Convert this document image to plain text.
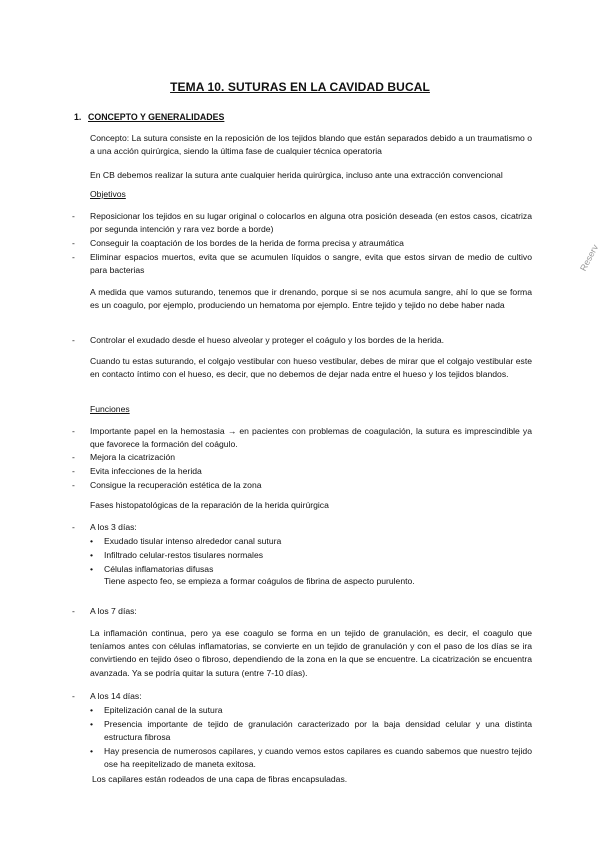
TEMA 10. SUTURAS EN LA CAVIDAD BUCAL
1. CONCEPTO Y GENERALIDADES
Concepto: La sutura consiste en la reposición de los tejidos blando que están separados debido a un traumatismo o a una acción quirúrgica, siendo la última fase de cualquier técnica operatoria
En CB debemos realizar la sutura ante cualquier herida quirúrgica, incluso ante una extracción convencional
Objetivos
- Reposicionar los tejidos en su lugar original o colocarlos en alguna otra posición deseada (en estos casos, cicatriza por segunda intención y rara vez borde a borde)
- Conseguir la coaptación de los bordes de la herida de forma precisa y atraumática
- Eliminar espacios muertos, evita que se acumulen líquidos o sangre, evita que estos sirvan de medio de cultivo para bacterias
A medida que vamos suturando, tenemos que ir drenando, porque si se nos acumula sangre, ahí lo que se forma es un coagulo, por ejemplo, produciendo un hematoma por ejemplo. Entre tejido y tejido no debe haber nada
- Controlar el exudado desde el hueso alveolar y proteger el coágulo y los bordes de la herida.
Cuando tu estas suturando, el colgajo vestibular con hueso vestibular, debes de mirar que el colgajo vestibular este en contacto íntimo con el hueso, es decir, que no debemos de dejar nada entre el hueso y los tejidos blandos.
Funciones
- Importante papel en la hemostasia → en pacientes con problemas de coagulación, la sutura es imprescindible ya que favorece la formación del coágulo.
- Mejora la cicatrización
- Evita infecciones de la herida
- Consigue la recuperación estética de la zona
Fases histopatológicas de la reparación de la herida quirúrgica
- A los 3 días:
• Exudado tisular intenso alrededor canal sutura
• Infiltrado celular-restos tisulares normales
• Células inflamatorias difusas
Tiene aspecto feo, se empieza a formar coágulos de fibrina de aspecto purulento.
- A los 7 días:
La inflamación continua, pero ya ese coagulo se forma en un tejido de granulación, es decir, el coagulo que teníamos antes con células inflamatorias, se convierte en un tejido de granulación y con el paso de los días se ira convirtiendo en tejido óseo o fibroso, dependiendo de la zona en la que se encuentre. La cicatrización se encuentra avanzada. Ya se podría quitar la sutura (entre 7-10 días).
- A los 14 días:
• Epitelización canal de la sutura
• Presencia importante de tejido de granulación caracterizado por la baja densidad celular y una distinta estructura fibrosa
• Hay presencia de numerosos capilares, y cuando vemos estos capilares es cuando sabemos que nuestro tejido ose ha reepitelizado de maneta exitosa.
Los capilares están rodeados de una capa de fibras encapsuladas.
Reserv
